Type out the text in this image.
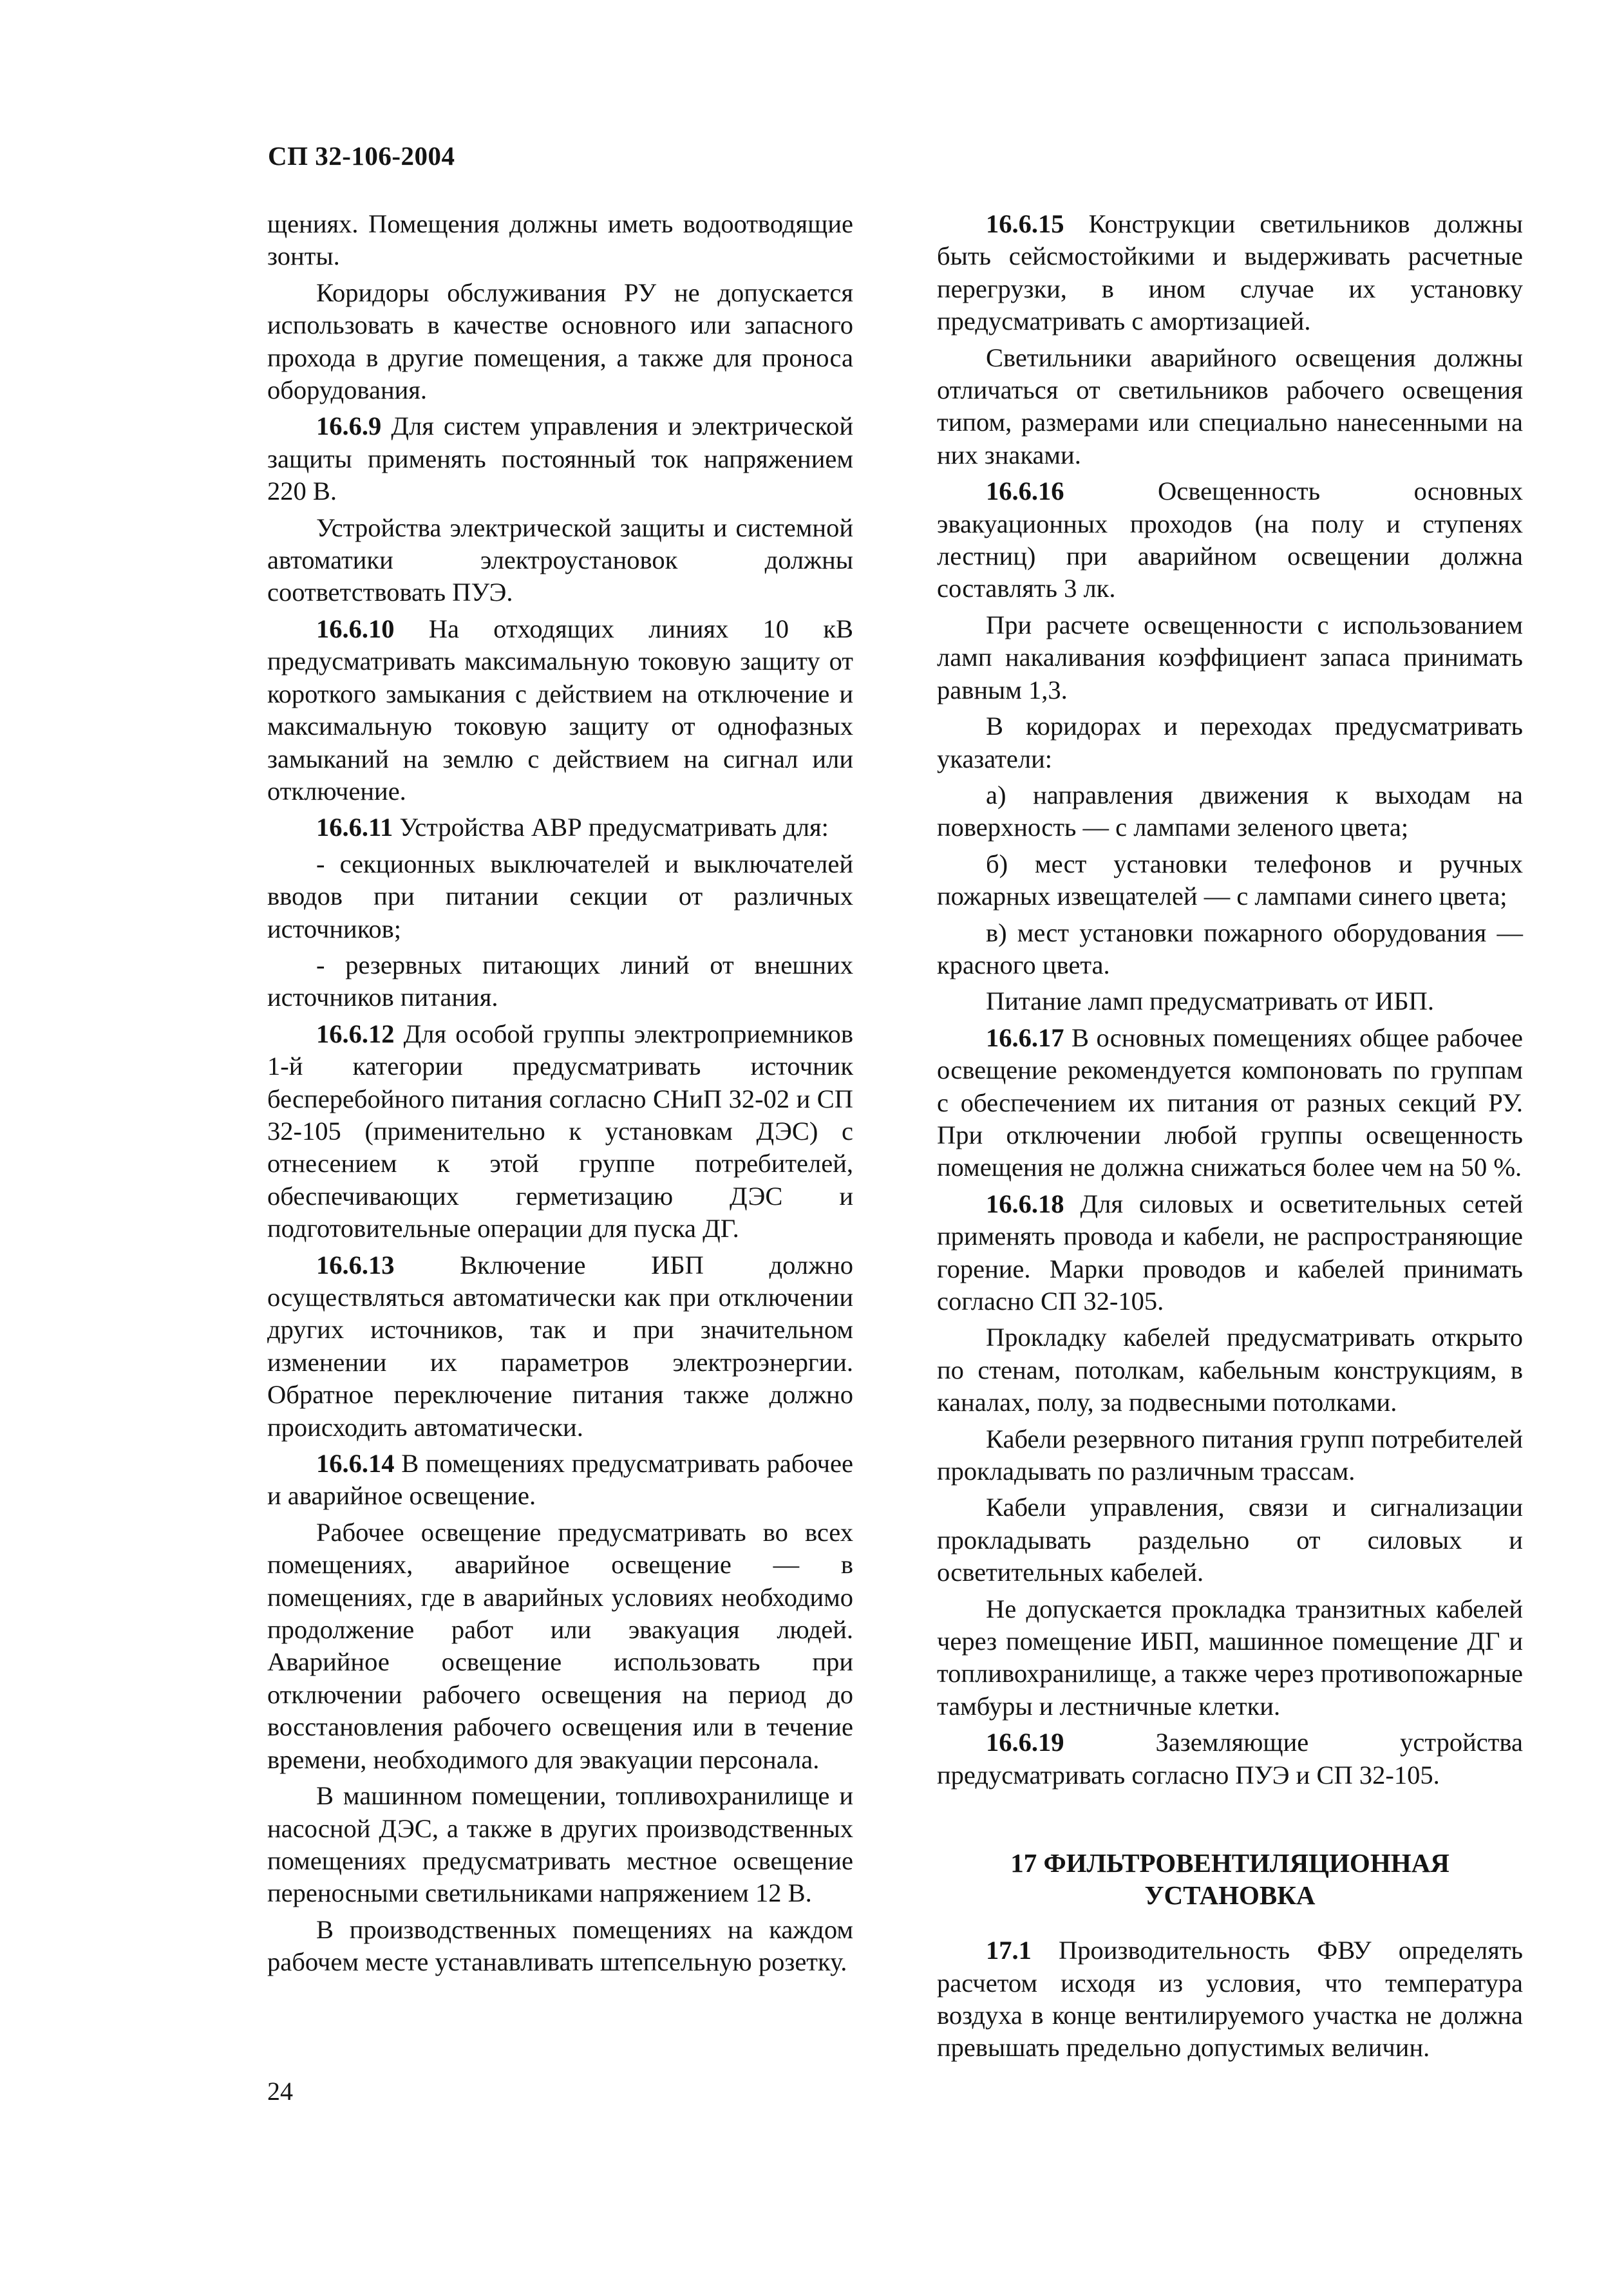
СП 32-106-2004

щениях. Помещения должны иметь водоотводящие зонты.

Коридоры обслуживания РУ не допускается использовать в качестве основного или запасного прохода в другие помещения, а также для проноса оборудования.

16.6.9 Для систем управления и электрической защиты применять постоянный ток напряжением 220 В.

Устройства электрической защиты и системной автоматики электроустановок должны соответствовать ПУЭ.

16.6.10 На отходящих линиях 10 кВ предусматривать максимальную токовую защиту от короткого замыкания с действием на отключение и максимальную токовую защиту от однофазных замыканий на землю с действием на сигнал или отключение.

16.6.11 Устройства АВР предусматривать для:

- секционных выключателей и выключателей вводов при питании секции от различных источников;

- резервных питающих линий от внешних источников питания.

16.6.12 Для особой группы электроприемников 1-й категории предусматривать источник бесперебойного питания согласно СНиП 32-02 и СП 32-105 (применительно к установкам ДЭС) с отнесением к этой группе потребителей, обеспечивающих герметизацию ДЭС и подготовительные операции для пуска ДГ.

16.6.13	Включение ИБП должно осуществляться автоматически как при отключении других источников, так и при значительном изменении их параметров электроэнергии. Обратное переключение питания также должно происходить автоматически.

16.6.14 В помещениях предусматривать рабочее и аварийное освещение.

Рабочее освещение предусматривать во всех помещениях, аварийное освещение — в помещениях, где в аварийных условиях необходимо продолжение работ или эвакуация людей. Аварийное освещение использовать при отключении рабочего освещения на период до восстановления рабочего освещения или в течение времени, необходимого для эвакуации персонала.

В машинном помещении, топливохранилище и насосной ДЭС, а также в других производственных помещениях предусматривать местное освещение переносными светильниками напряжением 12 В.

В производственных помещениях на каждом рабочем месте устанавливать штепсельную розетку.

16.6.15 Конструкции светильников должны быть сейсмостойкими и выдерживать расчетные перегрузки, в ином случае их установку предусматривать с амортизацией.

Светильники аварийного освещения должны отличаться от светильников рабочего освещения типом, размерами или специально нанесенными на них знаками.

16.6.16	Освещенность основных эвакуационных проходов (на полу и ступенях лестниц) при аварийном освещении должна составлять 3 лк.

При расчете освещенности с использованием ламп накаливания коэффициент запаса принимать равным 1,3.

В коридорах и переходах предусматривать указатели:

а) направления движения к выходам на поверхность — с лампами зеленого цвета;

б) мест установки телефонов и ручных пожарных извещателей — с лампами синего цвета;

в) мест установки пожарного оборудования — красного цвета.

Питание ламп предусматривать от ИБП.

16.6.17 В основных помещениях общее рабочее освещение рекомендуется компоновать по группам с обеспечением их питания от разных секций РУ. При отключении любой группы освещенность помещения не должна снижаться более чем на 50 %.

16.6.18 Для силовых и осветительных сетей применять провода и кабели, не распространяющие горение. Марки проводов и кабелей принимать согласно СП 32-105.

Прокладку кабелей предусматривать открыто по стенам, потолкам, кабельным конструкциям, в каналах, полу, за подвесными потолками.

Кабели резервного питания групп потребителей прокладывать по различным трассам.

Кабели управления, связи и сигнализации прокладывать раздельно от силовых и осветительных кабелей.

Не допускается прокладка транзитных кабелей через помещение ИБП, машинное помещение ДГ и топливохранилище, а также через противопожарные тамбуры и лестничные клетки.

16.6.19	Заземляющие устройства предусматривать согласно ПУЭ и СП 32-105.

17 ФИЛЬТРОВЕНТИЛЯЦИОННАЯ УСТАНОВКА

17.1 Производительность ФВУ определять расчетом исходя из условия, что температура воздуха в конце вентилируемого участка не должна превышать предельно допустимых величин.

24
